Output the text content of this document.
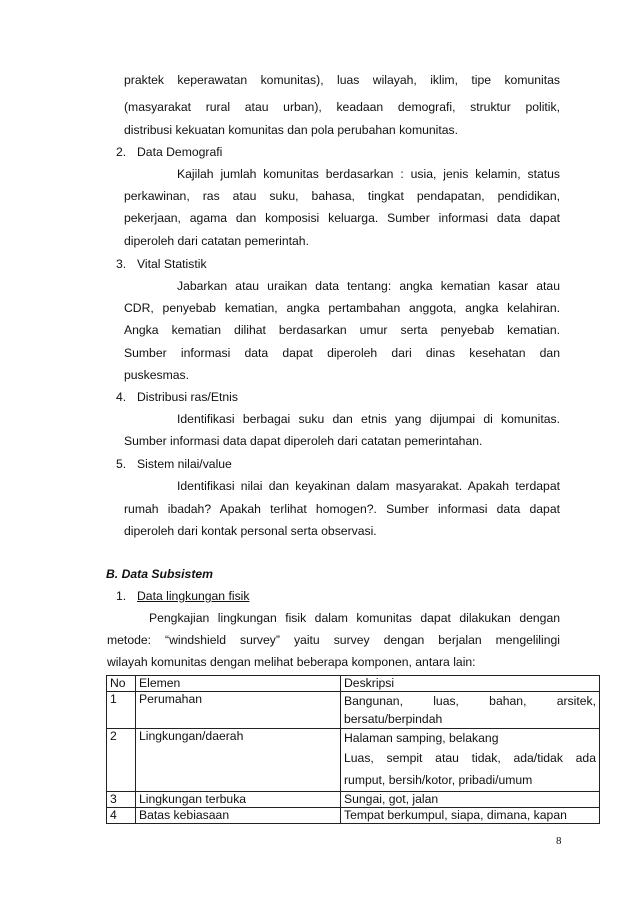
praktek keperawatan komunitas), luas wilayah, iklim, tipe komunitas
(masyarakat rural atau urban), keadaan demografi, struktur politik,
distribusi kekuatan komunitas dan pola perubahan komunitas.
2. Data Demografi
Kajilah jumlah komunitas berdasarkan : usia, jenis kelamin, status
perkawinan, ras atau suku, bahasa, tingkat pendapatan, pendidikan,
pekerjaan, agama dan komposisi keluarga. Sumber informasi data dapat
diperoleh dari catatan pemerintah.
3. Vital Statistik
Jabarkan atau uraikan data tentang: angka kematian kasar atau
CDR, penyebab kematian, angka pertambahan anggota, angka kelahiran.
Angka kematian dilihat berdasarkan umur serta penyebab kematian.
Sumber informasi data dapat diperoleh dari dinas kesehatan dan
puskesmas.
4. Distribusi ras/Etnis
Identifikasi berbagai suku dan etnis yang dijumpai di komunitas.
Sumber informasi data dapat diperoleh dari catatan pemerintahan.
5. Sistem nilai/value
Identifikasi nilai dan keyakinan dalam masyarakat. Apakah terdapat
rumah ibadah? Apakah terlihat homogen?. Sumber informasi data dapat
diperoleh dari kontak personal serta observasi.
B. Data Subsistem
1. Data lingkungan fisik
Pengkajian lingkungan fisik dalam komunitas dapat dilakukan dengan
metode: “windshield survey” yaitu survey dengan berjalan mengelilingi
wilayah komunitas dengan melihat beberapa komponen, antara lain:
No	Elemen	Deskripsi
1	Perumahan	Bangunan, luas, bahan, arsitek,
bersatu/berpindah

2	Lingkungan/daerah	Halaman samping, belakang
Luas, sempit atau tidak, ada/tidak ada
rumput, bersih/kotor, pribadi/umum

3	Lingkungan terbuka	Sungai, got, jalan

4	Batas kebiasaan	Tempat berkumpul, siapa, dimana, kapan
8
